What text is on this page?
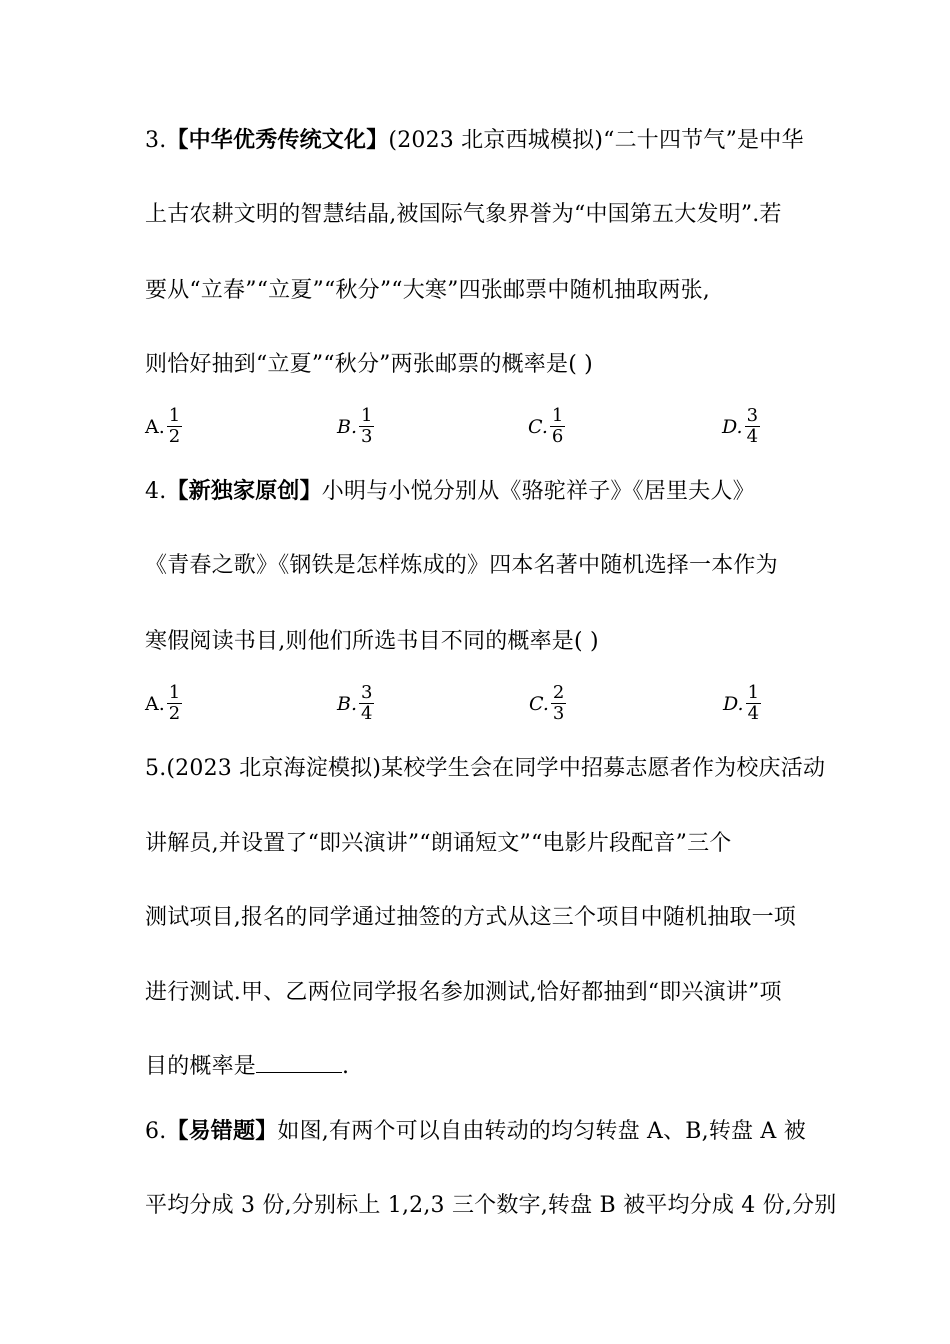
3.【中华优秀传统文化】(2023 北京西城模拟)“二十四节气”是中华
上古农耕文明的智慧结晶,被国际气象界誉为“中国第五大发明”.若
要从“立春”“立夏”“秋分”“大寒”四张邮票中随机抽取两张,
则恰好抽到“立夏”“秋分”两张邮票的概率是( )
A. $\frac{1}{2}$	B. $\frac{1}{3}$	C. $\frac{1}{6}$	D. $\frac{3}{4}$
4.【新独家原创】小明与小悦分别从《骆驼祥子》《居里夫人》
《青春之歌》《钢铁是怎样炼成的》四本名著中随机选择一本作为
寒假阅读书目,则他们所选书目不同的概率是( )
A. $\frac{1}{2}$	B. $\frac{3}{4}$	C. $\frac{2}{3}$	D. $\frac{1}{4}$
5.(2023 北京海淀模拟)某校学生会在同学中招募志愿者作为校庆活动
讲解员,并设置了“即兴演讲”“朗诵短文”“电影片段配音”三个
测试项目,报名的同学通过抽签的方式从这三个项目中随机抽取一项
进行测试.甲、乙两位同学报名参加测试,恰好都抽到“即兴演讲”项
目的概率是	.
6.【易错题】如图,有两个可以自由转动的均匀转盘 A、B,转盘 A 被
平均分成 3 份,分别标上 1,2,3 三个数字,转盘 B 被平均分成 4 份,分别
